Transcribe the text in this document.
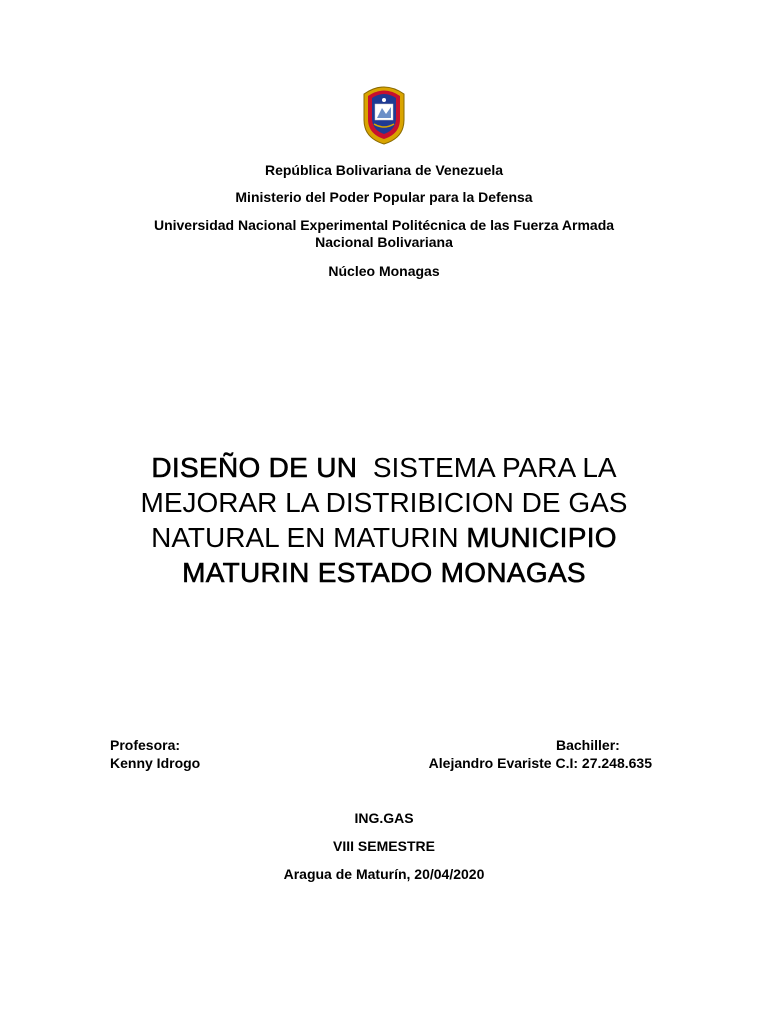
República Bolivariana de Venezuela
Ministerio del Poder Popular para la Defensa
Universidad Nacional Experimental Politécnica de las Fuerza Armada
Nacional Bolivariana
Núcleo Monagas
DISEÑO DE UN SISTEMA PARA LA MEJORAR LA DISTRIBICION DE GAS NATURAL EN MATURIN MUNICIPIO MATURIN ESTADO MONAGAS
Profesora:
Kenny Idrogo
Bachiller:
Alejandro Evariste C.I: 27.248.635
ING.GAS
VIII SEMESTRE
Aragua de Maturín, 20/04/2020
